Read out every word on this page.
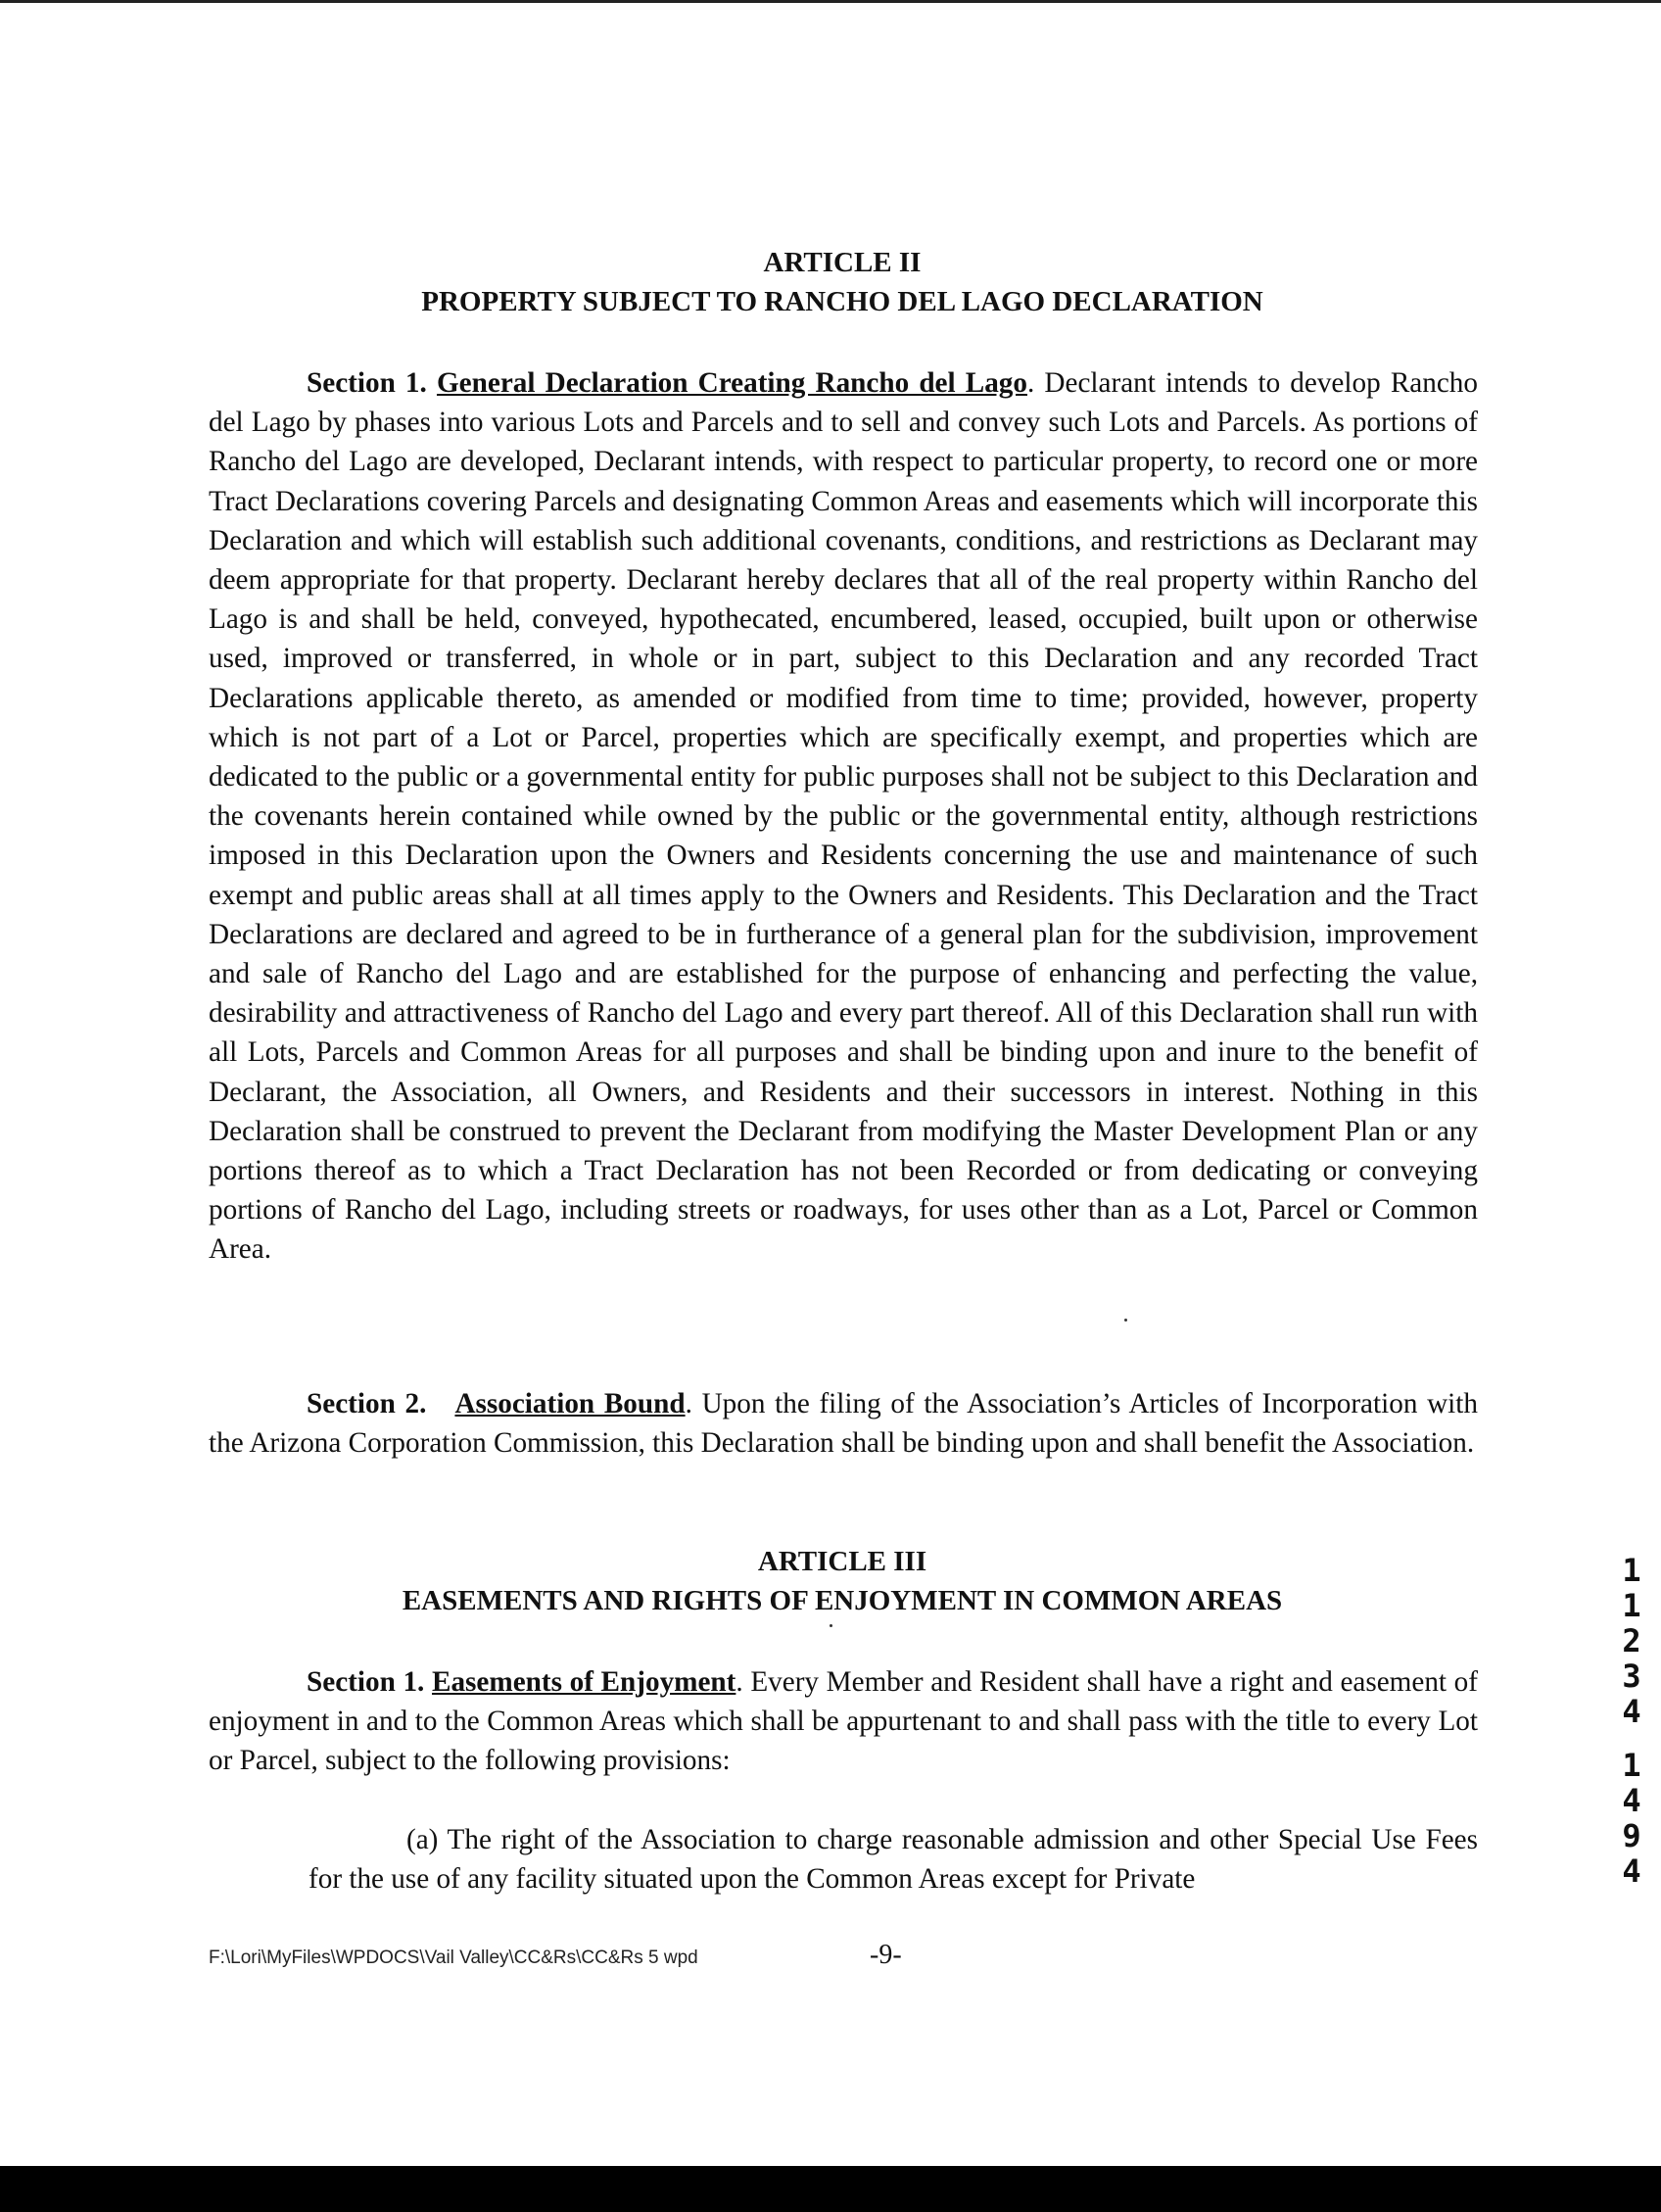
ARTICLE II
PROPERTY SUBJECT TO RANCHO DEL LAGO DECLARATION

Section 1. General Declaration Creating Rancho del Lago. Declarant intends to develop Rancho del Lago by phases into various Lots and Parcels and to sell and convey such Lots and Parcels. As portions of Rancho del Lago are developed, Declarant intends, with respect to particular property, to record one or more Tract Declarations covering Parcels and designating Common Areas and easements which will incorporate this Declaration and which will establish such additional covenants, conditions, and restrictions as Declarant may deem appropriate for that property. Declarant hereby declares that all of the real property within Rancho del Lago is and shall be held, conveyed, hypothecated, encumbered, leased, occupied, built upon or otherwise used, improved or transferred, in whole or in part, subject to this Declaration and any recorded Tract Declarations applicable thereto, as amended or modified from time to time; provided, however, property which is not part of a Lot or Parcel, properties which are specifically exempt, and properties which are dedicated to the public or a governmental entity for public purposes shall not be subject to this Declaration and the covenants herein contained while owned by the public or the governmental entity, although restrictions imposed in this Declaration upon the Owners and Residents concerning the use and maintenance of such exempt and public areas shall at all times apply to the Owners and Residents. This Declaration and the Tract Declarations are declared and agreed to be in furtherance of a general plan for the subdivision, improvement and sale of Rancho del Lago and are established for the purpose of enhancing and perfecting the value, desirability and attractiveness of Rancho del Lago and every part thereof. All of this Declaration shall run with all Lots, Parcels and Common Areas for all purposes and shall be binding upon and inure to the benefit of Declarant, the Association, all Owners, and Residents and their successors in interest. Nothing in this Declaration shall be construed to prevent the Declarant from modifying the Master Development Plan or any portions thereof as to which a Tract Declaration has not been Recorded or from dedicating or conveying portions of Rancho del Lago, including streets or roadways, for uses other than as a Lot, Parcel or Common Area.

Section 2. Association Bound. Upon the filing of the Association’s Articles of Incorporation with the Arizona Corporation Commission, this Declaration shall be binding upon and shall benefit the Association.

ARTICLE III
EASEMENTS AND RIGHTS OF ENJOYMENT IN COMMON AREAS

Section 1. Easements of Enjoyment. Every Member and Resident shall have a right and easement of enjoyment in and to the Common Areas which shall be appurtenant to and shall pass with the title to every Lot or Parcel, subject to the following provisions:

(a) The right of the Association to charge reasonable admission and other Special Use Fees for the use of any facility situated upon the Common Areas except for Private

F:\Lori\MyFiles\WPDOCS\Vail Valley\CC&Rs\CC&Rs 5 wpd	-9-
1
1
2
3
4
1
4
9
4
